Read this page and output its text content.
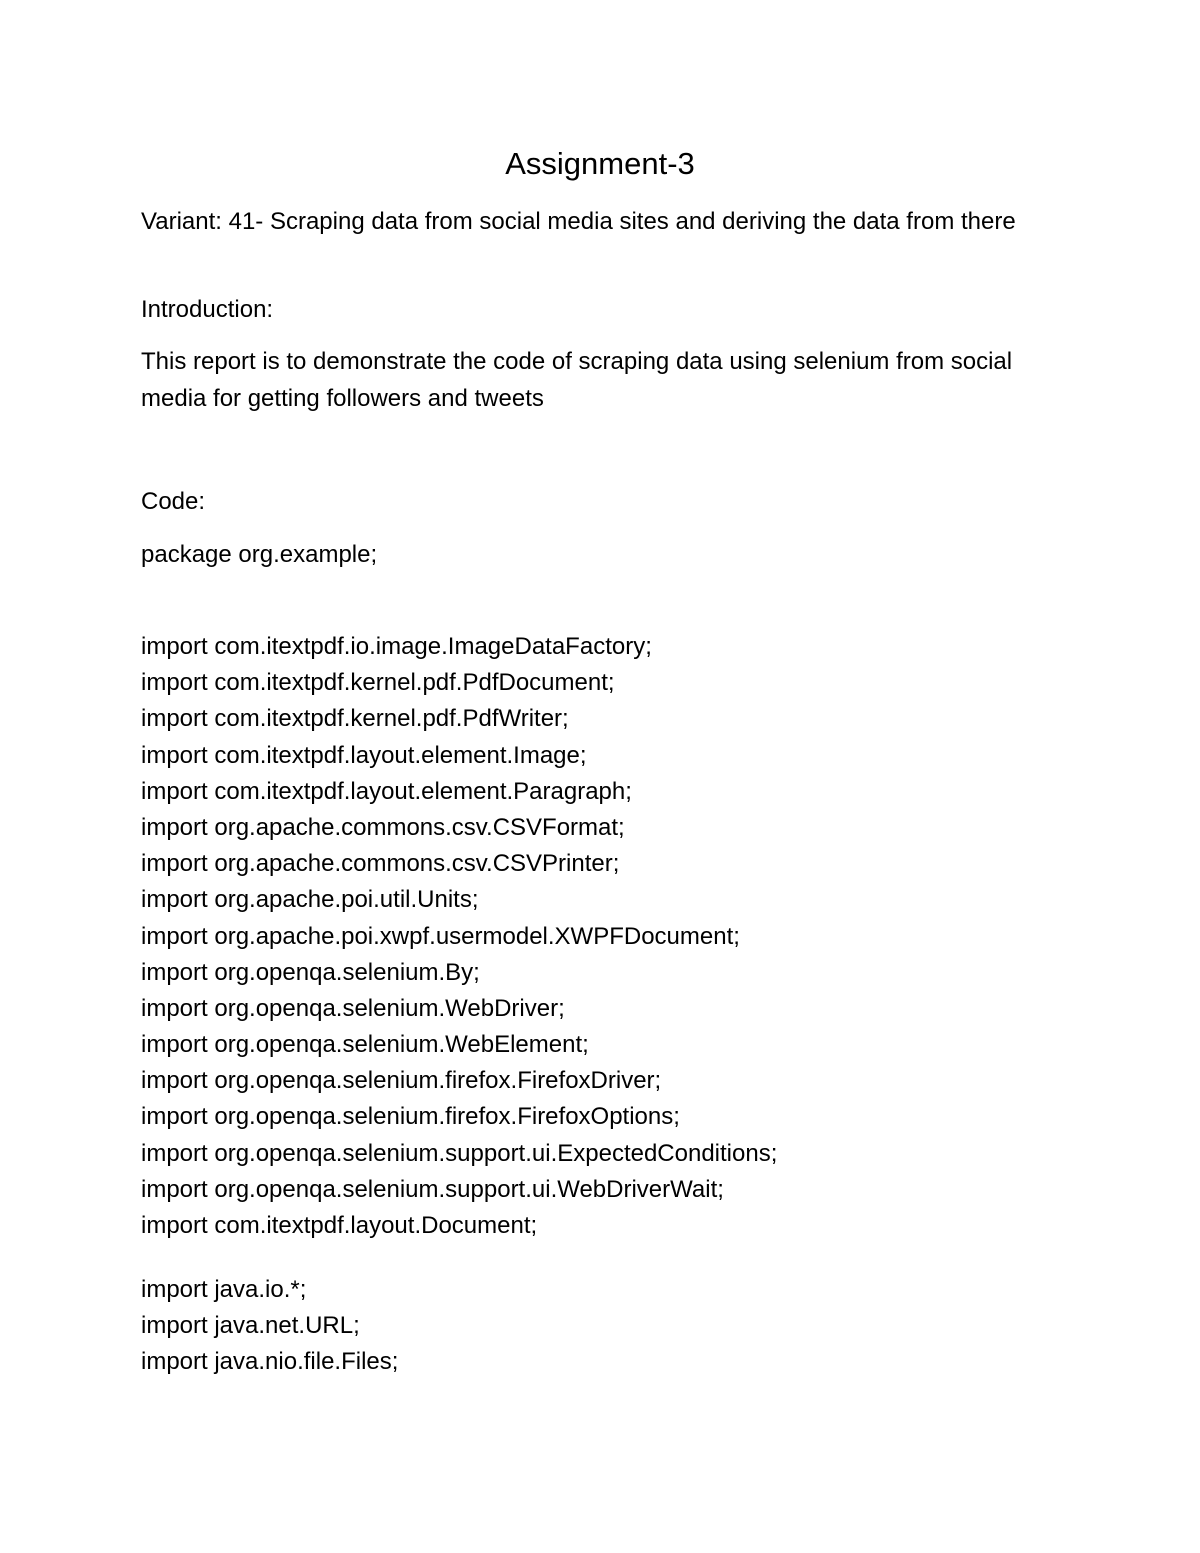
Assignment-3

Variant: 41- Scraping data from social media sites and deriving the data from there

Introduction:

This report is to demonstrate the code of scraping data using selenium from social media for getting followers and tweets

Code:

package org.example;

import com.itextpdf.io.image.ImageDataFactory;
import com.itextpdf.kernel.pdf.PdfDocument;
import com.itextpdf.kernel.pdf.PdfWriter;
import com.itextpdf.layout.element.Image;
import com.itextpdf.layout.element.Paragraph;
import org.apache.commons.csv.CSVFormat;
import org.apache.commons.csv.CSVPrinter;
import org.apache.poi.util.Units;
import org.apache.poi.xwpf.usermodel.XWPFDocument;
import org.openqa.selenium.By;
import org.openqa.selenium.WebDriver;
import org.openqa.selenium.WebElement;
import org.openqa.selenium.firefox.FirefoxDriver;
import org.openqa.selenium.firefox.FirefoxOptions;
import org.openqa.selenium.support.ui.ExpectedConditions;
import org.openqa.selenium.support.ui.WebDriverWait;
import com.itextpdf.layout.Document;
import java.io.*;
import java.net.URL;
import java.nio.file.Files;
